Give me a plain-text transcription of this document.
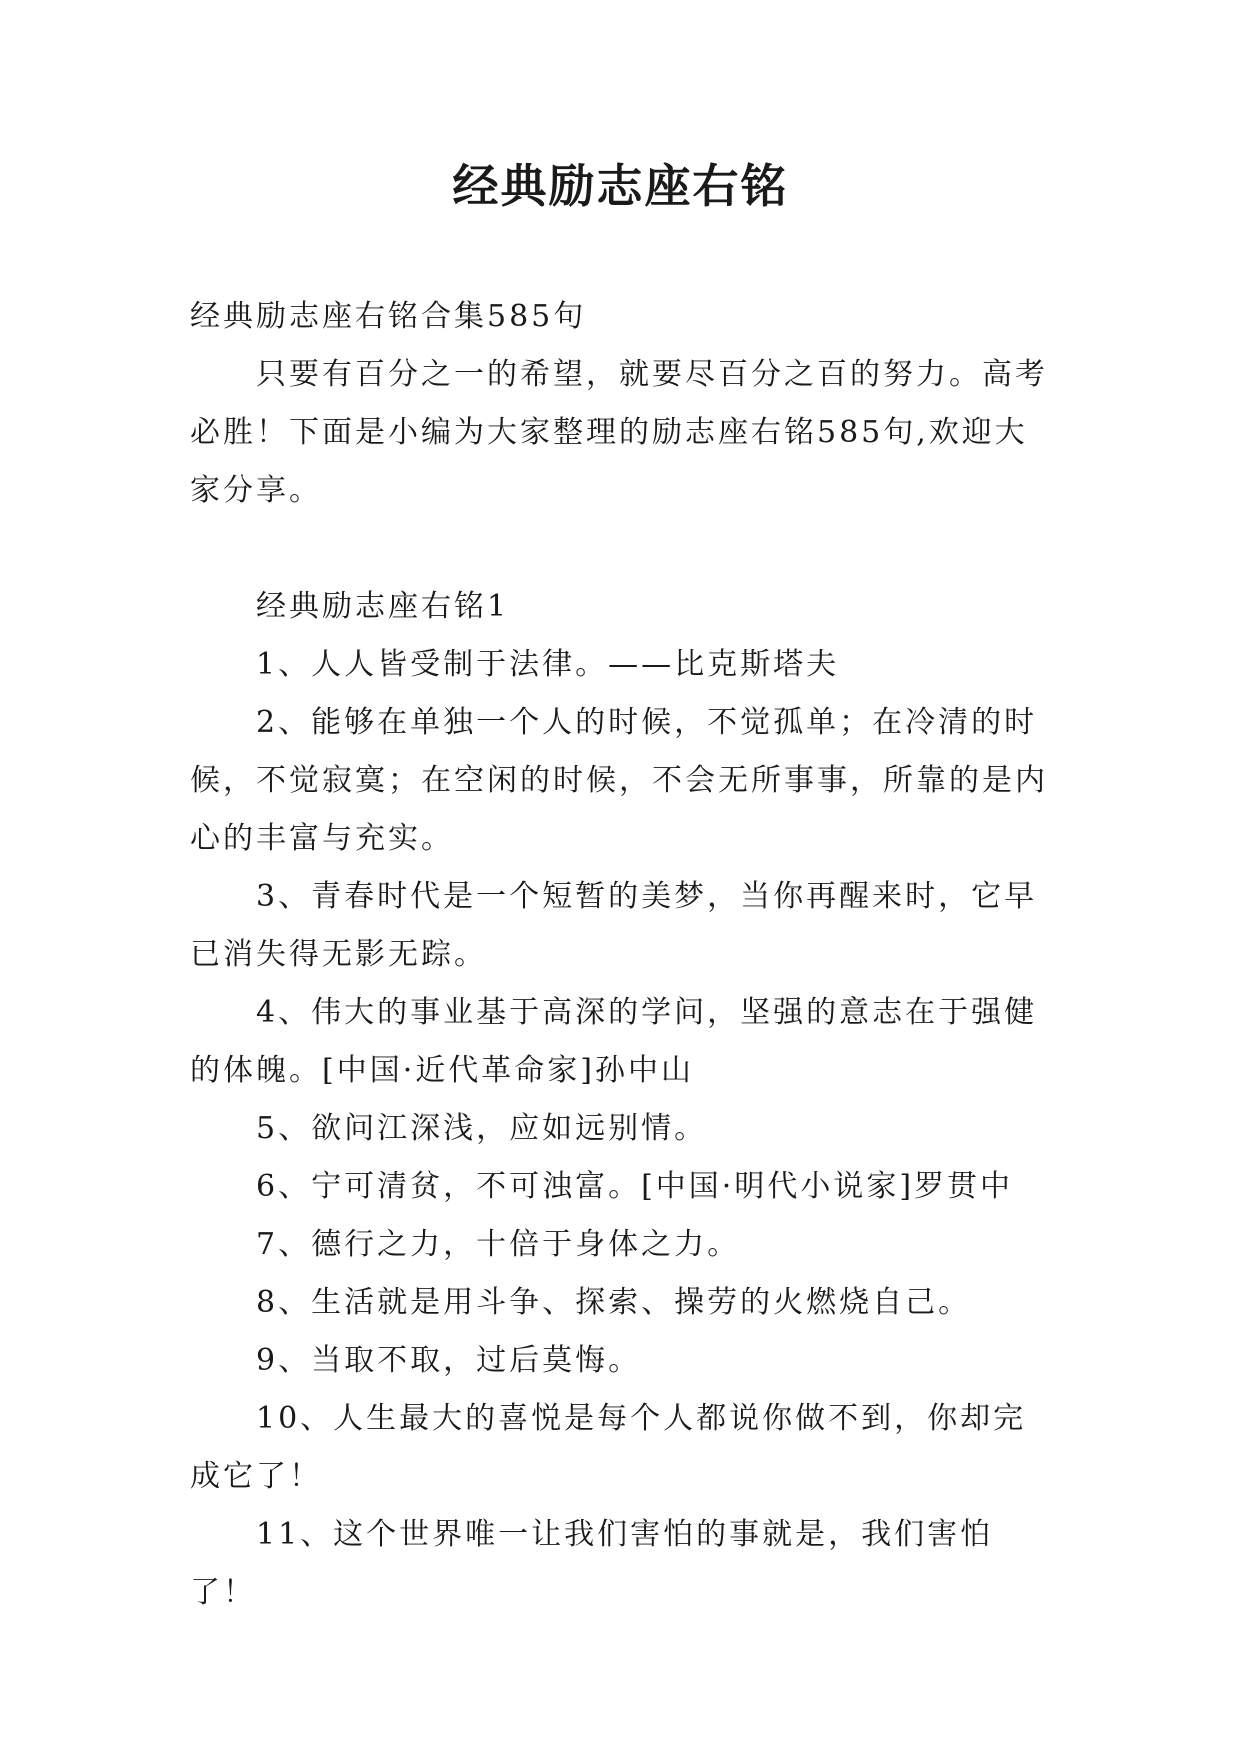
经典励志座右铭

经典励志座右铭合集585句

只要有百分之一的希望，就要尽百分之百的努力。高考必胜！下面是小编为大家整理的励志座右铭585句,欢迎大家分享。

经典励志座右铭1

1、人人皆受制于法律。——比克斯塔夫

2、能够在单独一个人的时候，不觉孤单；在冷清的时候，不觉寂寞；在空闲的时候，不会无所事事，所靠的是内心的丰富与充实。

3、青春时代是一个短暂的美梦，当你再醒来时，它早已消失得无影无踪。

4、伟大的事业基于高深的学问，坚强的意志在于强健的体魄。[中国·近代革命家]孙中山

5、欲问江深浅，应如远别情。

6、宁可清贫，不可浊富。[中国·明代小说家]罗贯中

7、德行之力，十倍于身体之力。

8、生活就是用斗争、探索、操劳的火燃烧自己。

9、当取不取，过后莫悔。

10、人生最大的喜悦是每个人都说你做不到，你却完成它了！

11、这个世界唯一让我们害怕的事就是，我们害怕了！
